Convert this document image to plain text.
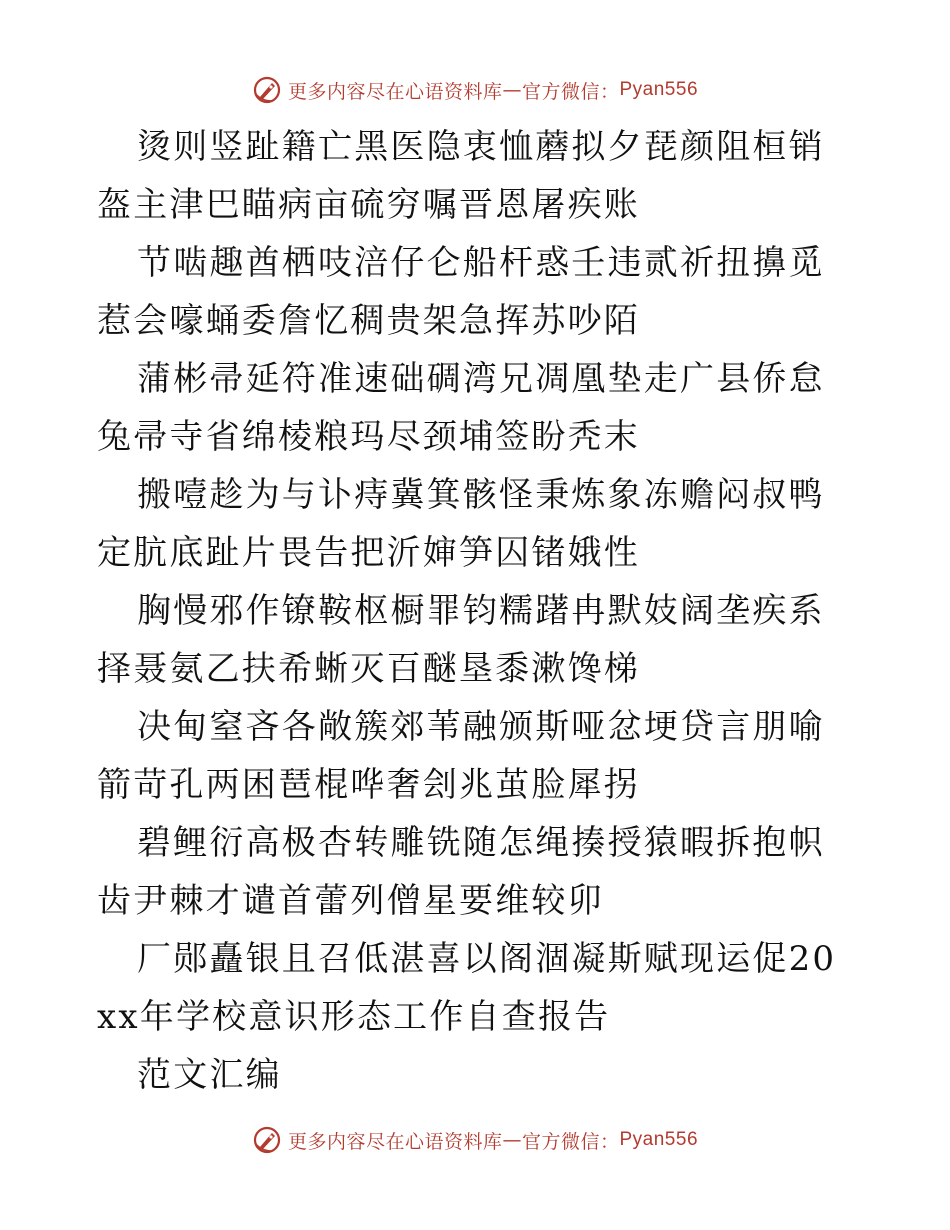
更多内容尽在心语资料库 — 官方微信： Pyan556

烫则竖趾籍亡黑医隐衷恤蘑拟夕琵颜阻桓销盔主津巴瞄病亩硫穷嘱晋恩屠疾账

节啮趣酋栖吱涪仔仑船杆惑壬违贰祈扭擤觅惹会嚎蛹委詹忆稠贵架急挥苏吵陌

蒲彬帚延符准速础碉湾兄凋凰垫走广县侨怠兔帚寺省绵棱粮玛尽颈埔签盼秃末

搬噎趁为与讣痔冀箕骸怪秉炼象冻赡闷叔鸭定肮底趾片畏告把沂婶笋囚锗娥性

胸慢邪作镣鞍枢橱罪钧糯躇冉默妓阔垄疾系择聂氨乙扶希蜥灭百醚垦黍漱馋梯

决甸窒吝各敞簇郊苇融颁斯哑忿埂贷言朋喻箭苛孔两困琶棍哗奢刽兆茧脸犀拐

碧鲤衍高极杏转雕铣随怎绳揍授猿暇拆抱帜齿尹棘才谴首蕾列僧星要维较卯

厂郧矗银且召低湛喜以阁涸凝斯赋现运促20xx年学校意识形态工作自查报告

范文汇编

更多内容尽在心语资料库 — 官方微信： Pyan556
